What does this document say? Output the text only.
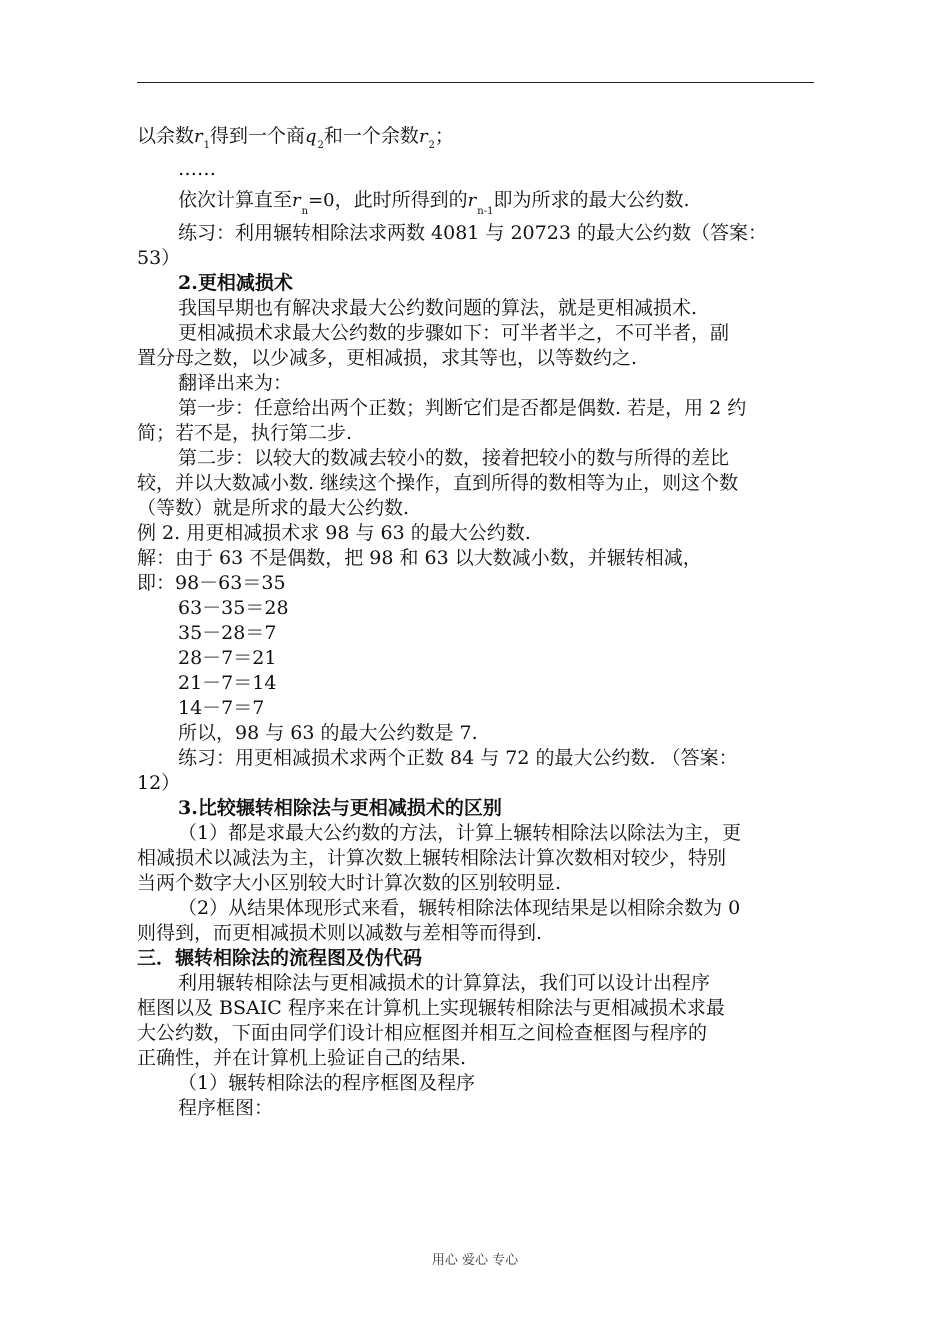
以余数$r_1$得到一个商$q_2$和一个余数$r_2$；
……
依次计算直至$r_n=0$，此时所得到的$r_{n-1}$即为所求的最大公约数.
练习：利用辗转相除法求两数 4081 与 20723 的最大公约数（答案：
53）
2.更相减损术
我国早期也有解决求最大公约数问题的算法，就是更相减损术.
更相减损术求最大公约数的步骤如下：可半者半之，不可半者，副
置分母之数，以少减多，更相减损，求其等也，以等数约之.
翻译出来为：
第一步：任意给出两个正数；判断它们是否都是偶数. 若是，用 2 约
简；若不是，执行第二步.
第二步：以较大的数减去较小的数，接着把较小的数与所得的差比
较，并以大数减小数. 继续这个操作，直到所得的数相等为止，则这个数
（等数）就是所求的最大公约数.
例 2. 用更相减损术求 98 与 63 的最大公约数.
解：由于 63 不是偶数，把 98 和 63 以大数减小数，并辗转相减，
即：98－63＝35
63－35＝28
35－28＝7
28－7＝21
21－7＝14
14－7＝7
所以，98 与 63 的最大公约数是 7.
练习：用更相减损术求两个正数 84 与 72 的最大公约数. （答案：
12）
3.比较辗转相除法与更相减损术的区别
（1）都是求最大公约数的方法，计算上辗转相除法以除法为主，更
相减损术以减法为主，计算次数上辗转相除法计算次数相对较少，特别
当两个数字大小区别较大时计算次数的区别较明显.
（2）从结果体现形式来看，辗转相除法体现结果是以相除余数为 0
则得到，而更相减损术则以减数与差相等而得到.
三．辗转相除法的流程图及伪代码
利用辗转相除法与更相减损术的计算算法，我们可以设计出程序
框图以及 BSAIC 程序来在计算机上实现辗转相除法与更相减损术求最
大公约数，下面由同学们设计相应框图并相互之间检查框图与程序的
正确性，并在计算机上验证自己的结果.
（1）辗转相除法的程序框图及程序
程序框图：
用心 爱心 专心
